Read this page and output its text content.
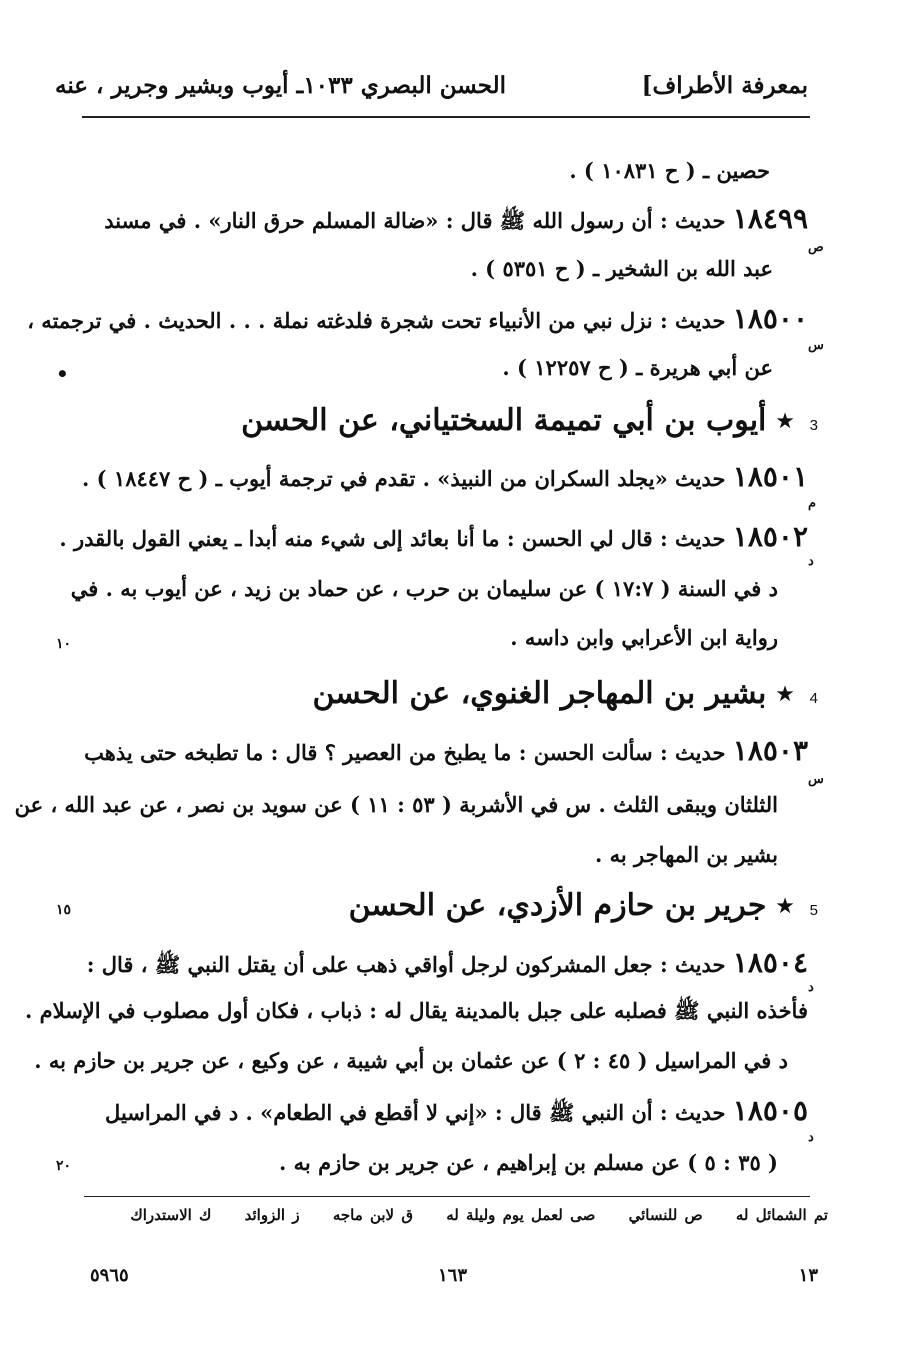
بمعرفة الأطراف]
الحسن البصري ١٠٣٣ـ أيوب وبشير وجرير ، عنه
حصين ـ ( ح ١٠٨٣١ ) .
١٨٤٩٩ حديث : أن رسول الله ﷺ قال : «ضالة المسلم حرق النار» . في مسند
ص
عبد الله بن الشخير ـ ( ح ٥٣٥١ ) .
١٨٥٠٠ حديث : نزل نبي من الأنبياء تحت شجرة فلدغته نملة . . . الحديث . في ترجمته ،
س
عن أبي هريرة ـ ( ح ١٢٢٥٧ ) .
•
3 ٭ أيوب بن أبي تميمة السختياني، عن الحسن
١٨٥٠١ حديث «يجلد السكران من النبيذ» . تقدم في ترجمة أيوب ـ ( ح ١٨٤٤٧ ) .
م
١٨٥٠٢ حديث : قال لي الحسن : ما أنا بعائد إلى شيء منه أبدا ـ يعني القول بالقدر .
د
د في السنة ( ١٧:٧ ) عن سليمان بن حرب ، عن حماد بن زيد ، عن أيوب به . في
رواية ابن الأعرابي وابن داسه .
١٠
4 ٭ بشير بن المهاجر الغنوي، عن الحسن
١٨٥٠٣ حديث : سألت الحسن : ما يطبخ من العصير ؟ قال : ما تطبخه حتى يذهب
س
الثلثان ويبقى الثلث . س في الأشربة ( ٥٣ : ١١ ) عن سويد بن نصر ، عن عبد الله ، عن
بشير بن المهاجر به .
5 ٭ جرير بن حازم الأزدي، عن الحسن
١٥
١٨٥٠٤ حديث : جعل المشركون لرجل أواقي ذهب على أن يقتل النبي ﷺ ، قال :
د
فأخذه النبي ﷺ فصلبه على جبل بالمدينة يقال له : ذباب ، فكان أول مصلوب في الإسلام .
د في المراسيل ( ٤٥ : ٢ ) عن عثمان بن أبي شيبة ، عن وكيع ، عن جرير بن حازم به .
١٨٥٠٥ حديث : أن النبي ﷺ قال : «إني لا أقطع في الطعام» . د في المراسيل
د
( ٣٥ : ٥ ) عن مسلم بن إبراهيم ، عن جرير بن حازم به .
٢٠
تم الشمائل له ص للنسائي صى لعمل يوم وليلة له ق لابن ماجه ز الزوائد ك الاستدراك
١٣
١٦٣
٥٩٦٥
